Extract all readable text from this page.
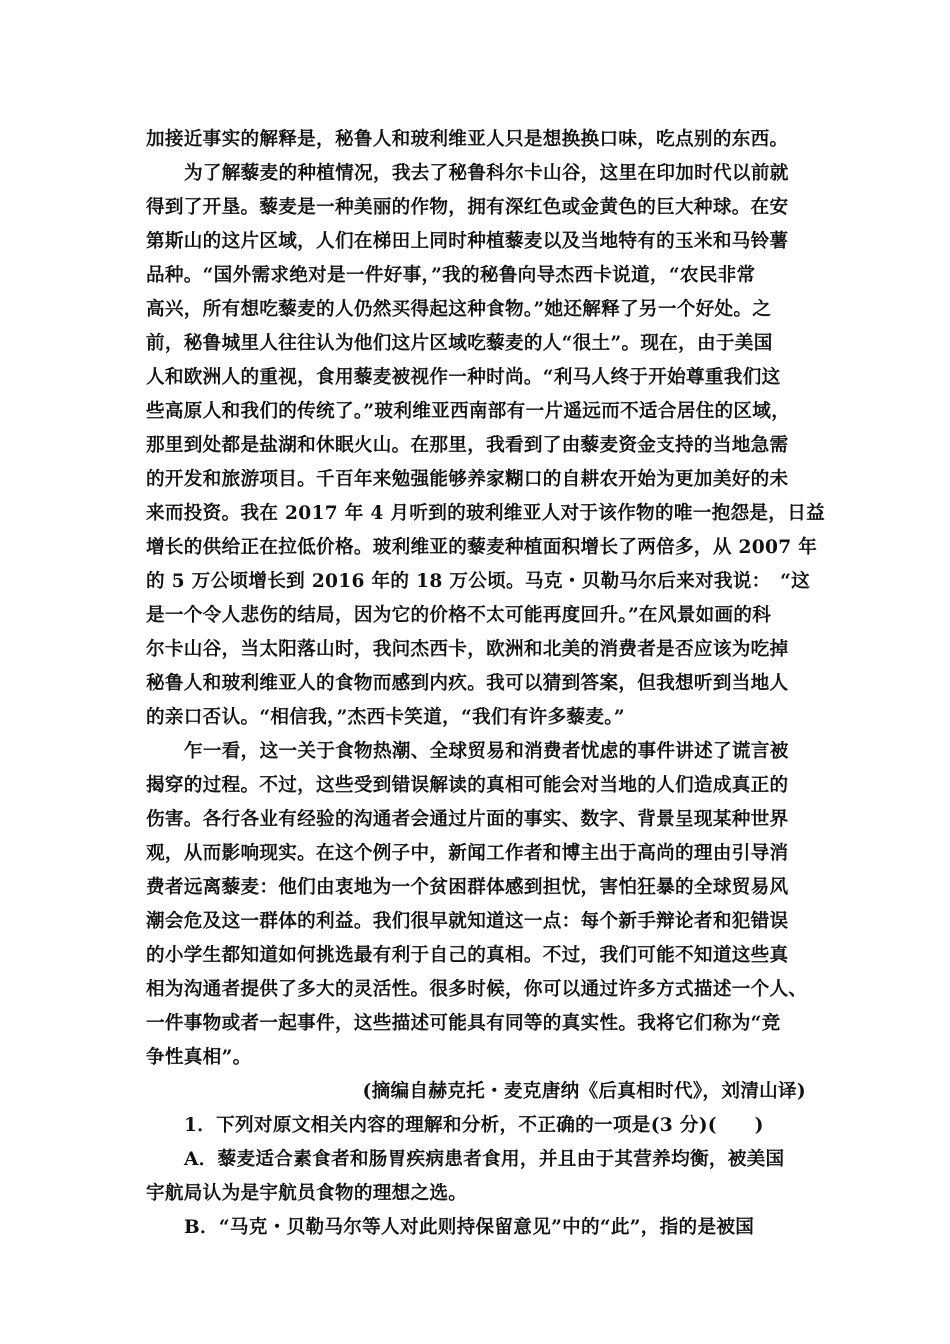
加接近事实的解释是，秘鲁人和玻利维亚人只是想换换口味，吃点别的东西。
为了解藜麦的种植情况，我去了秘鲁科尔卡山谷，这里在印加时代以前就
得到了开垦。藜麦是一种美丽的作物，拥有深红色或金黄色的巨大种球。在安
第斯山的这片区域，人们在梯田上同时种植藜麦以及当地特有的玉米和马铃薯
品种。“国外需求绝对是一件好事，”我的秘鲁向导杰西卡说道，“农民非常
高兴，所有想吃藜麦的人仍然买得起这种食物。”她还解释了另一个好处。之
前，秘鲁城里人往往认为他们这片区域吃藜麦的人“很土”。现在，由于美国
人和欧洲人的重视，食用藜麦被视作一种时尚。“利马人终于开始尊重我们这
些高原人和我们的传统了。”玻利维亚西南部有一片遥远而不适合居住的区域，
那里到处都是盐湖和休眠火山。在那里，我看到了由藜麦资金支持的当地急需
的开发和旅游项目。千百年来勉强能够养家糊口的自耕农开始为更加美好的未
来而投资。我在 2017 年 4 月听到的玻利维亚人对于该作物的唯一抱怨是，日益
增长的供给正在拉低价格。玻利维亚的藜麦种植面积增长了两倍多，从 2007 年
的 5 万公顷增长到 2016 年的 18 万公顷。马克・贝勒马尔后来对我说：　“这
是一个令人悲伤的结局，因为它的价格不太可能再度回升。”在风景如画的科
尔卡山谷，当太阳落山时，我问杰西卡，欧洲和北美的消费者是否应该为吃掉
秘鲁人和玻利维亚人的食物而感到内疚。我可以猜到答案，但我想听到当地人
的亲口否认。“相信我，”杰西卡笑道，“我们有许多藜麦。”
乍一看，这一关于食物热潮、全球贸易和消费者忧虑的事件讲述了谎言被
揭穿的过程。不过，这些受到错误解读的真相可能会对当地的人们造成真正的
伤害。各行各业有经验的沟通者会通过片面的事实、数字、背景呈现某种世界
观，从而影响现实。在这个例子中，新闻工作者和博主出于高尚的理由引导消
费者远离藜麦：他们由衷地为一个贫困群体感到担忧，害怕狂暴的全球贸易风
潮会危及这一群体的利益。我们很早就知道这一点：每个新手辩论者和犯错误
的小学生都知道如何挑选最有利于自己的真相。不过，我们可能不知道这些真
相为沟通者提供了多大的灵活性。很多时候，你可以通过许多方式描述一个人、
一件事物或者一起事件，这些描述可能具有同等的真实性。我将它们称为“竞
争性真相”。
(摘编自赫克托・麦克唐纳《后真相时代》，刘清山译)
1．下列对原文相关内容的理解和分析，不正确的一项是(3 分)(　　)
A．藜麦适合素食者和肠胃疾病患者食用，并且由于其营养均衡，被美国
宇航局认为是宇航员食物的理想之选。
B．“马克・贝勒马尔等人对此则持保留意见”中的“此”，指的是被国
